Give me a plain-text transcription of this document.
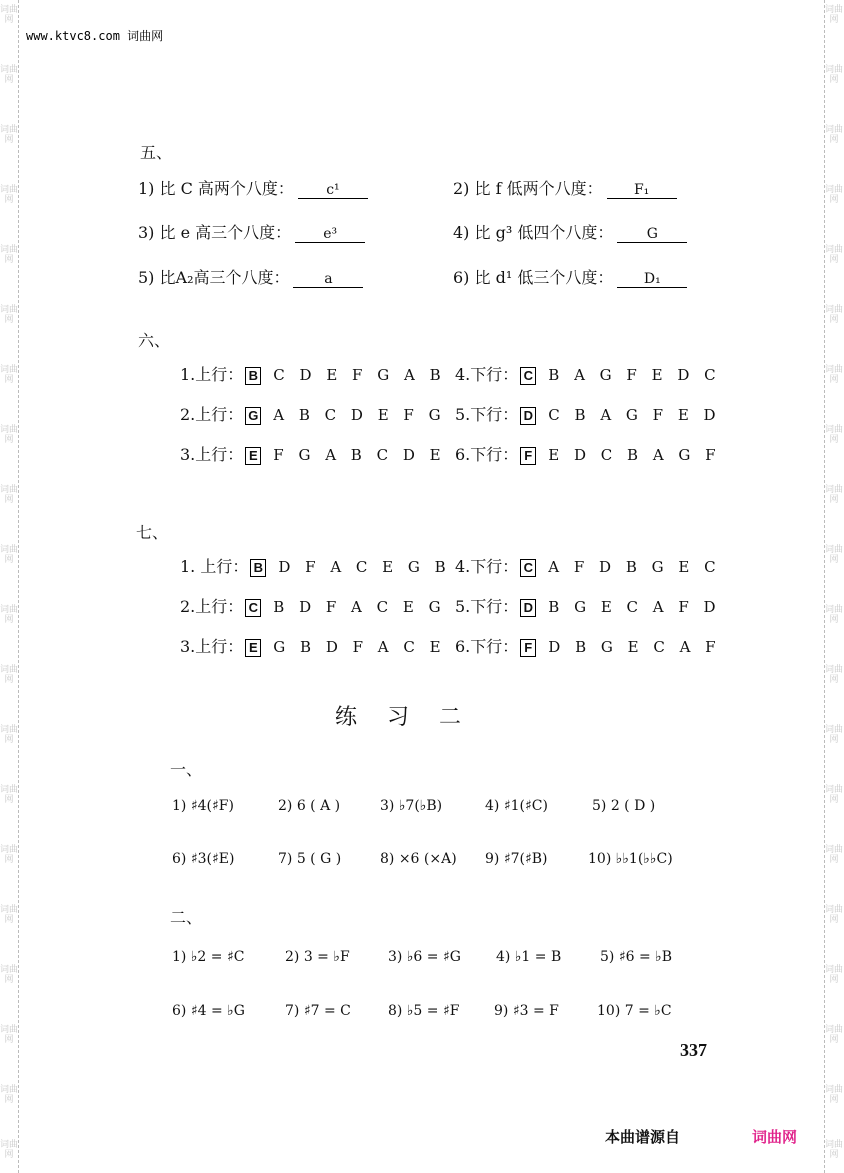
词曲网
词曲网
词曲网
词曲网
词曲网
词曲网
词曲网
词曲网
词曲网
词曲网
词曲网
词曲网
词曲网
词曲网
词曲网
词曲网
词曲网
词曲网
词曲网
词曲网
词曲网
词曲网
词曲网
词曲网
词曲网
词曲网
词曲网
词曲网
词曲网
词曲网
词曲网
词曲网
词曲网
词曲网
词曲网
词曲网
词曲网
词曲网
词曲网
词曲网
www.ktvc8.com 词曲网
五、
1) 比 C 高两个八度： c¹	2) 比 f 低两个八度： F₁
3) 比 e 高三个八度： e³	4) 比 g³ 低四个八度： G
5) 比A₂高三个八度： a	6) 比 d¹ 低三个八度： D₁
六、
1.上行： B C D E F G A B 4.下行： C B A G F E D C
2.上行： G A B C D E F G 5.下行： D C B A G F E D
3.上行： E F G A B C D E 6.下行： F E D C B A G F
七、
1. 上行： B D F A C E G B 4.下行： C A F D B G E C
2.上行： C B D F A C E G 5.下行： D B G E C A F D
3.上行： E G B D F A C E 6.下行： F D B G E C A F
练　习　二
一、
1) ♯4(♯F)	2) 6 ( A )	3) ♭7(♭B)	4) ♯1(♯C)	5) 2 ( D )
6) ♯3(♯E)	7) 5 ( G )	8) ×6 (×A) 9) ♯7(♯B)	10) ♭♭1(♭♭C)
二、
1) ♭2 = ♯C	2) 3 = ♭F	3) ♭6 = ♯G	4) ♭1 = B	5) ♯6 = ♭B
6) ♯4 = ♭G	7) ♯7 = C	8) ♭5 = ♯F 9) ♯3 = F	10) 7 = ♭C
337
本曲谱源自	词曲网
